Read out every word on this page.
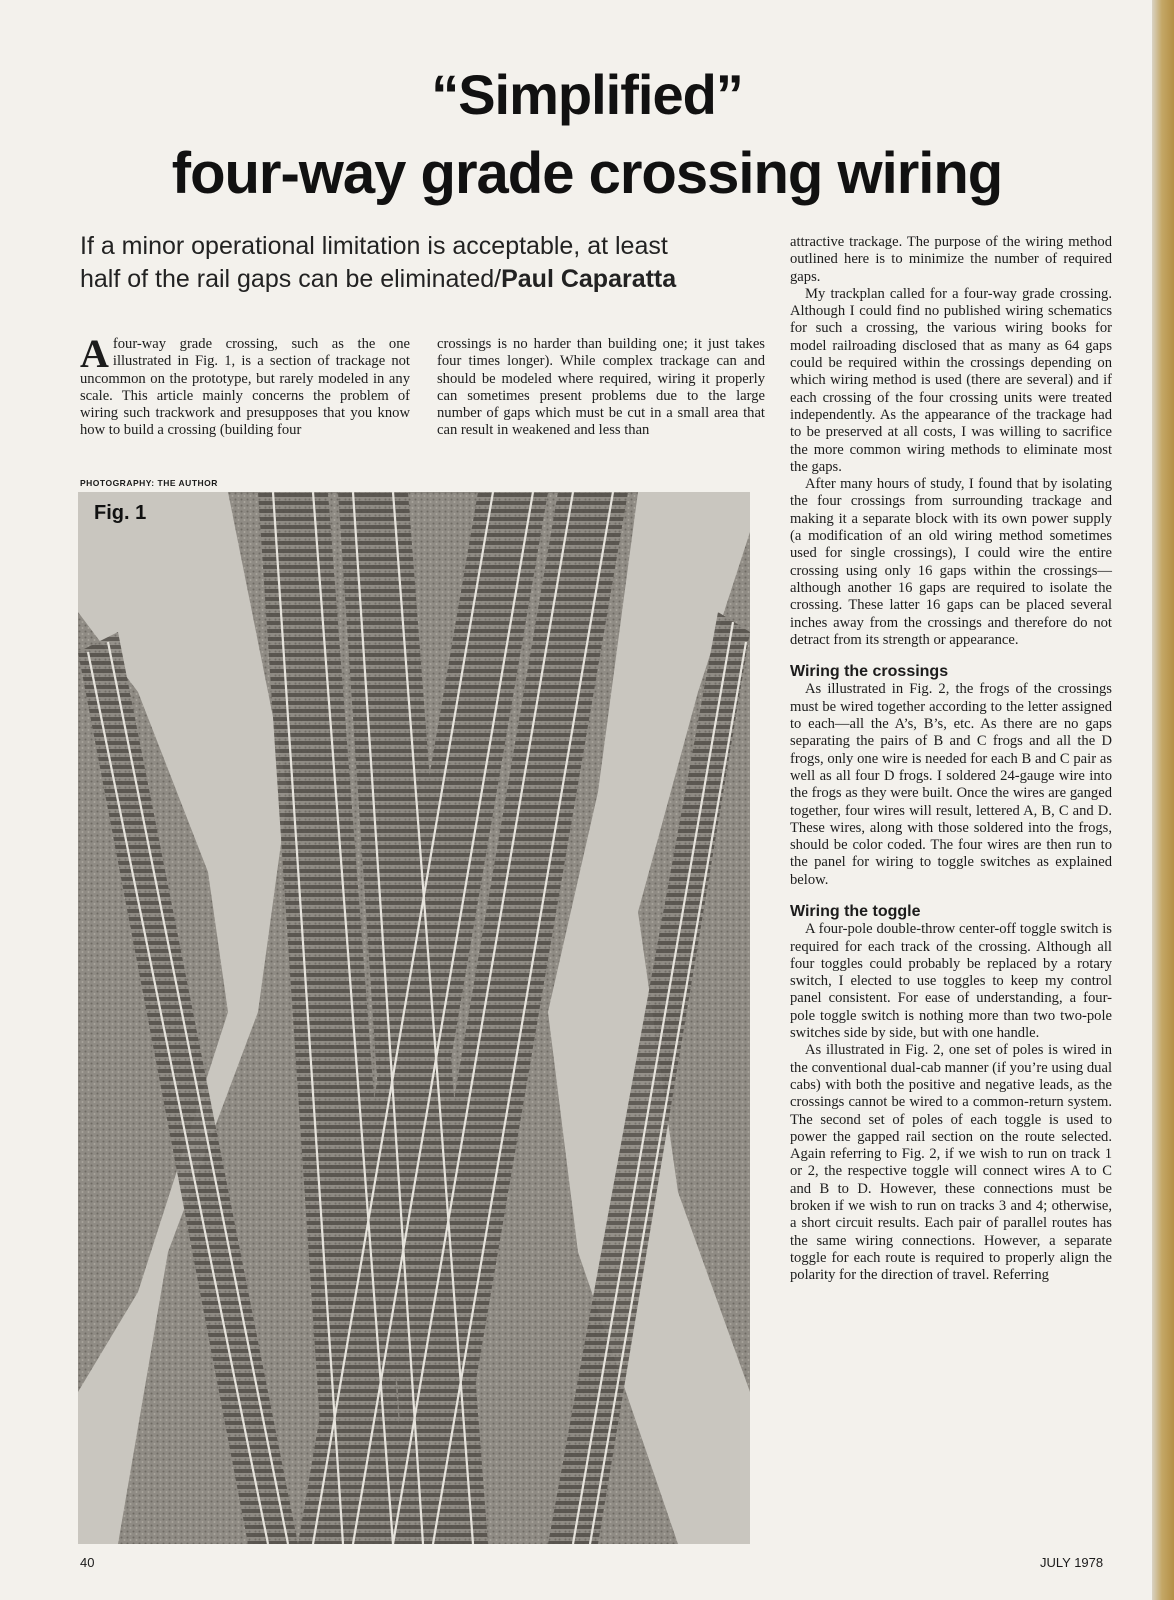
“Simplified”
four-way grade crossing wiring
If a minor operational limitation is acceptable, at least half of the rail gaps can be eliminated/Paul Caparatta

Afour-way grade crossing, such as the one illustrated in Fig. 1, is a section of trackage not uncommon on the prototype, but rarely modeled in any scale. This article mainly concerns the problem of wiring such trackwork and presupposes that you know how to build a crossing (building four

crossings is no harder than building one; it just takes four times longer). While complex trackage can and should be modeled where required, wiring it properly can sometimes present problems due to the large number of gaps which must be cut in a small area that can result in weakened and less than

PHOTOGRAPHY: THE AUTHOR
Fig. 1

attractive trackage. The purpose of the wiring method outlined here is to minimize the number of required gaps.

My trackplan called for a four-way grade crossing. Although I could find no published wiring schematics for such a crossing, the various wiring books for model railroading disclosed that as many as 64 gaps could be required within the crossings depending on which wiring method is used (there are several) and if each crossing of the four crossing units were treated independently. As the appearance of the trackage had to be preserved at all costs, I was willing to sacrifice the more common wiring methods to eliminate most the gaps.

After many hours of study, I found that by isolating the four crossings from surrounding trackage and making it a separate block with its own power supply (a modification of an old wiring method sometimes used for single crossings), I could wire the entire crossing using only 16 gaps within the crossings—although another 16 gaps are required to isolate the crossing. These latter 16 gaps can be placed several inches away from the crossings and therefore do not detract from its strength or appearance.

Wiring the crossings

As illustrated in Fig. 2, the frogs of the crossings must be wired together according to the letter assigned to each—all the A’s, B’s, etc. As there are no gaps separating the pairs of B and C frogs and all the D frogs, only one wire is needed for each B and C pair as well as all four D frogs. I soldered 24-gauge wire into the frogs as they were built. Once the wires are ganged together, four wires will result, lettered A, B, C and D. These wires, along with those soldered into the frogs, should be color coded. The four wires are then run to the panel for wiring to toggle switches as explained below.

Wiring the toggle

A four-pole double-throw center-off toggle switch is required for each track of the crossing. Although all four toggles could probably be replaced by a rotary switch, I elected to use toggles to keep my control panel consistent. For ease of understanding, a four-pole toggle switch is nothing more than two two-pole switches side by side, but with one handle.

As illustrated in Fig. 2, one set of poles is wired in the conventional dual-cab manner (if you’re using dual cabs) with both the positive and negative leads, as the crossings cannot be wired to a common-return system. The second set of poles of each toggle is used to power the gapped rail section on the route selected. Again referring to Fig. 2, if we wish to run on track 1 or 2, the respective toggle will connect wires A to C and B to D. However, these connections must be broken if we wish to run on tracks 3 and 4; otherwise, a short circuit results. Each pair of parallel routes has the same wiring connections. However, a separate toggle for each route is required to properly align the polarity for the direction of travel. Referring

40	JULY 1978
